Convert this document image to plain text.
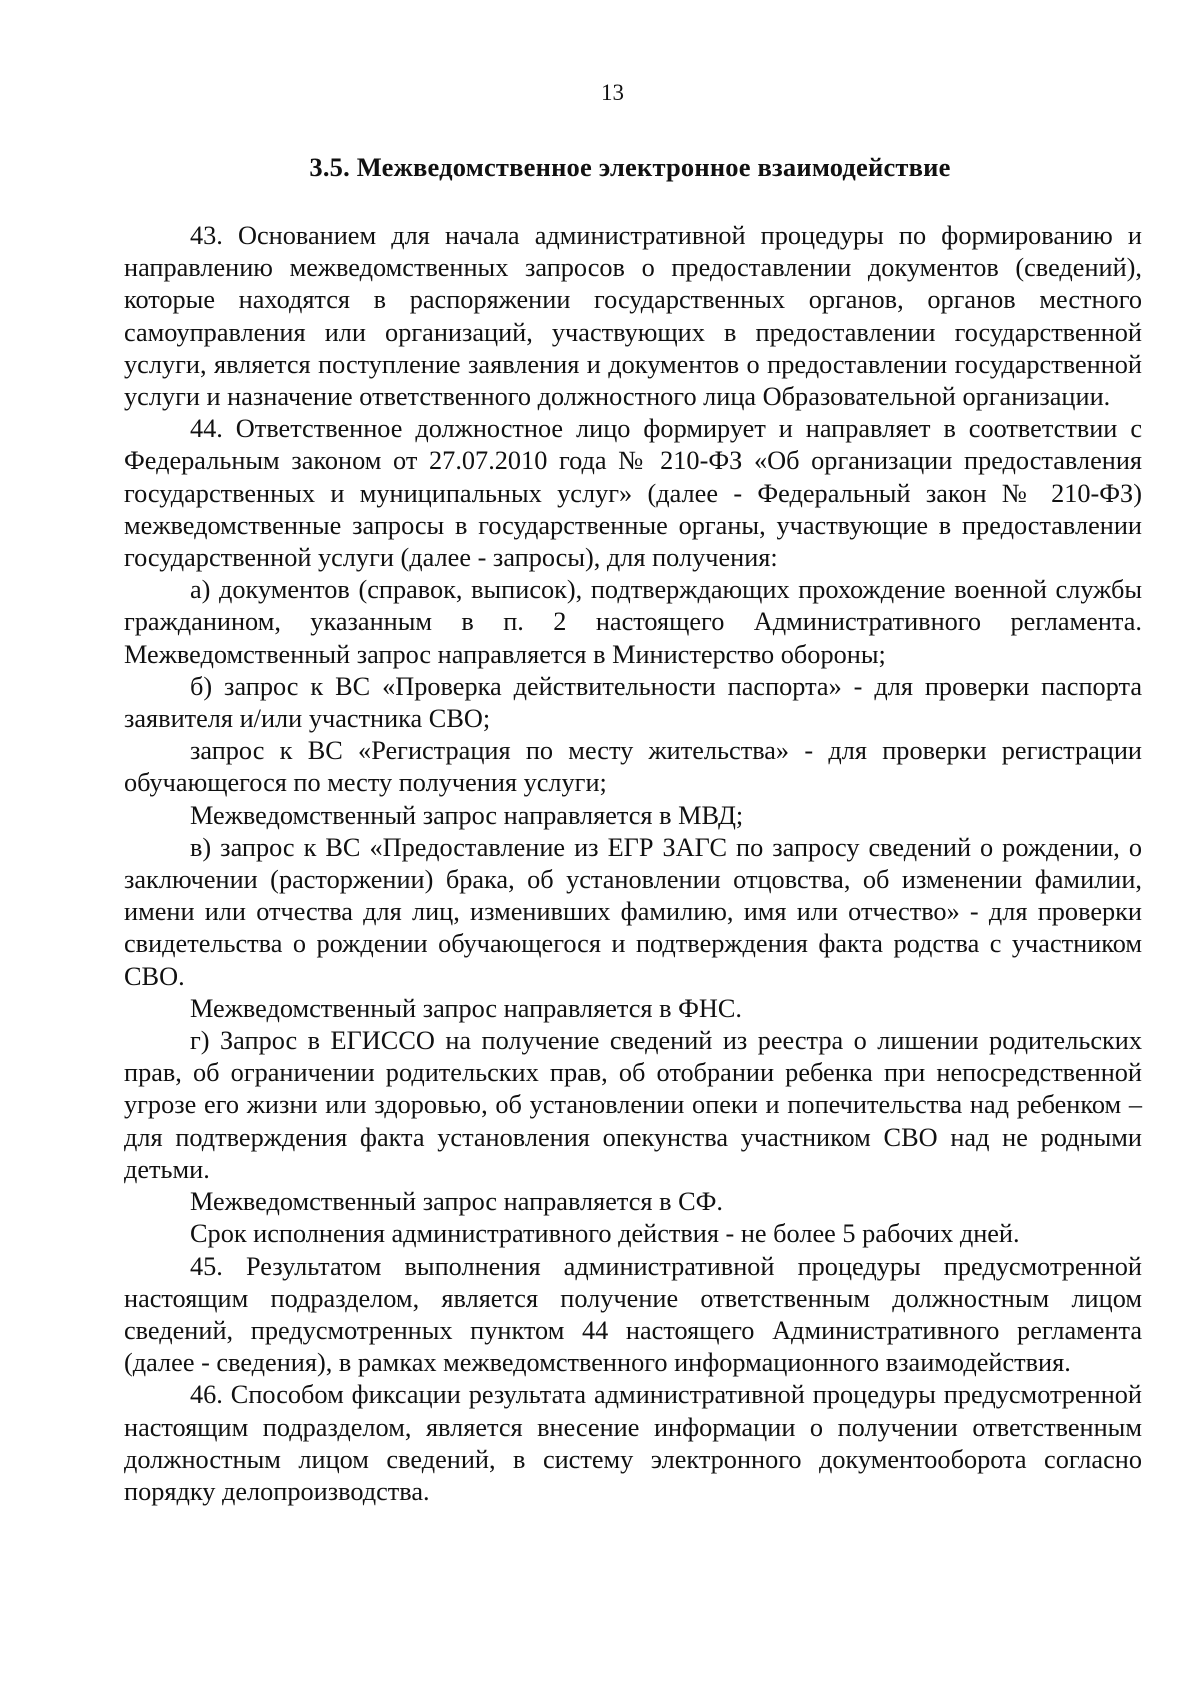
13
3.5. Межведомственное электронное взаимодействие

43. Основанием для начала административной процедуры по формированию и направлению межведомственных запросов о предоставлении документов (сведений), которые находятся в распоряжении государственных органов, органов местного самоуправления или организаций, участвующих в предоставлении государственной услуги, является поступление заявления и документов о предоставлении государственной услуги и назначение ответственного должностного лица Образовательной организации.

44. Ответственное должностное лицо формирует и направляет в соответствии с Федеральным законом от 27.07.2010 года № 210-ФЗ «Об организации предоставления государственных и муниципальных услуг» (далее - Федеральный закон № 210-ФЗ) межведомственные запросы в государственные органы, участвующие в предоставлении государственной услуги (далее - запросы), для получения:

а) документов (справок, выписок), подтверждающих прохождение военной службы гражданином, указанным в п. 2 настоящего Административного регламента. Межведомственный запрос направляется в Министерство обороны;

б) запрос к ВС «Проверка действительности паспорта» - для проверки паспорта заявителя и/или участника СВО;

запрос к ВС «Регистрация по месту жительства» - для проверки регистрации обучающегося по месту получения услуги;

Межведомственный запрос направляется в МВД;

в) запрос к ВС «Предоставление из ЕГР ЗАГС по запросу сведений о рождении, о заключении (расторжении) брака, об установлении отцовства, об изменении фамилии, имени или отчества для лиц, изменивших фамилию, имя или отчество» - для проверки свидетельства о рождении обучающегося и подтверждения факта родства с участником СВО.

Межведомственный запрос направляется в ФНС.

г) Запрос в ЕГИССО на получение сведений из реестра о лишении родительских прав, об ограничении родительских прав, об отобрании ребенка при непосредственной угрозе его жизни или здоровью, об установлении опеки и попечительства над ребенком – для подтверждения факта установления опекунства участником СВО над не родными детьми.

Межведомственный запрос направляется в СФ.

Срок исполнения административного действия - не более 5 рабочих дней.

45. Результатом выполнения административной процедуры предусмотренной настоящим подразделом, является получение ответственным должностным лицом сведений, предусмотренных пунктом 44 настоящего Административного регламента (далее - сведения), в рамках межведомственного информационного взаимодействия.

46. Способом фиксации результата административной процедуры предусмотренной настоящим подразделом, является внесение информации о получении ответственным должностным лицом сведений, в систему электронного документооборота согласно порядку делопроизводства.
